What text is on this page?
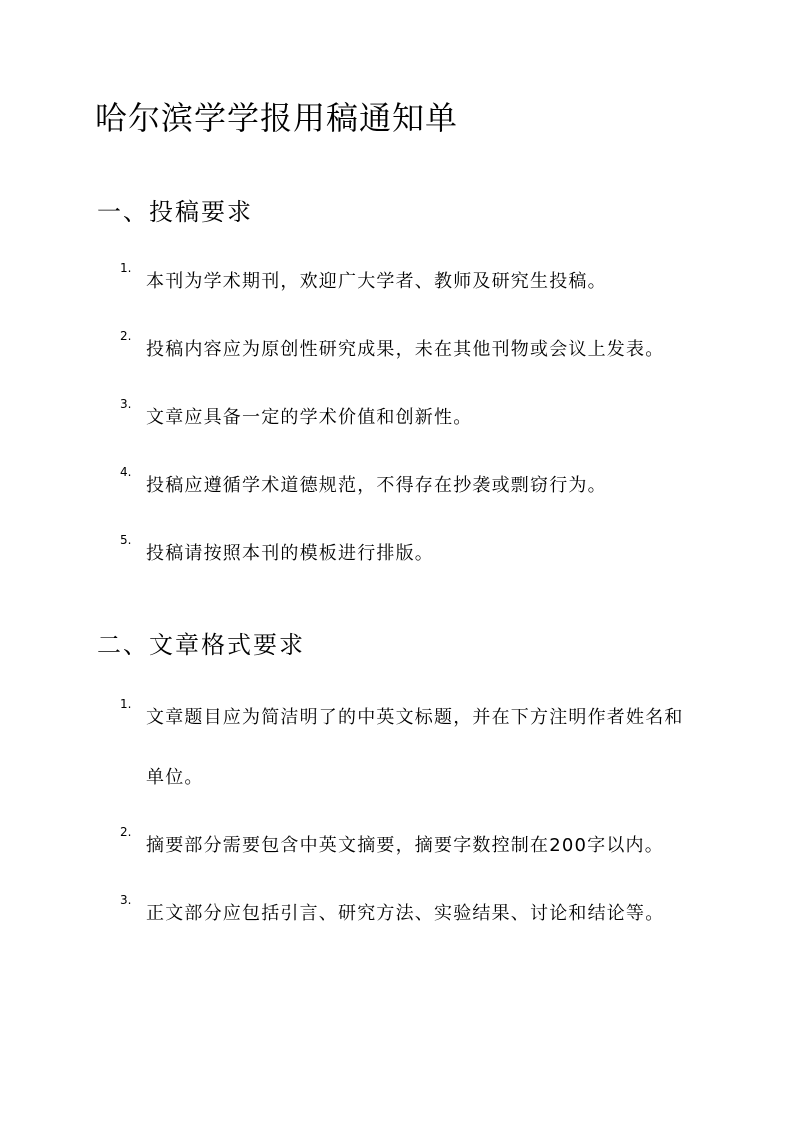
哈尔滨学学报用稿通知单
一、投稿要求
1.
本刊为学术期刊，欢迎广大学者、教师及研究生投稿。
2.
投稿内容应为原创性研究成果，未在其他刊物或会议上发表。
3.
文章应具备一定的学术价值和创新性。
4.
投稿应遵循学术道德规范，不得存在抄袭或剽窃行为。
5.
投稿请按照本刊的模板进行排版。
二、文章格式要求
1.
文章题目应为简洁明了的中英文标题，并在下方注明作者姓名和单位。
2.
摘要部分需要包含中英文摘要，摘要字数控制在200字以内。
3.
正文部分应包括引言、研究方法、实验结果、讨论和结论等。
